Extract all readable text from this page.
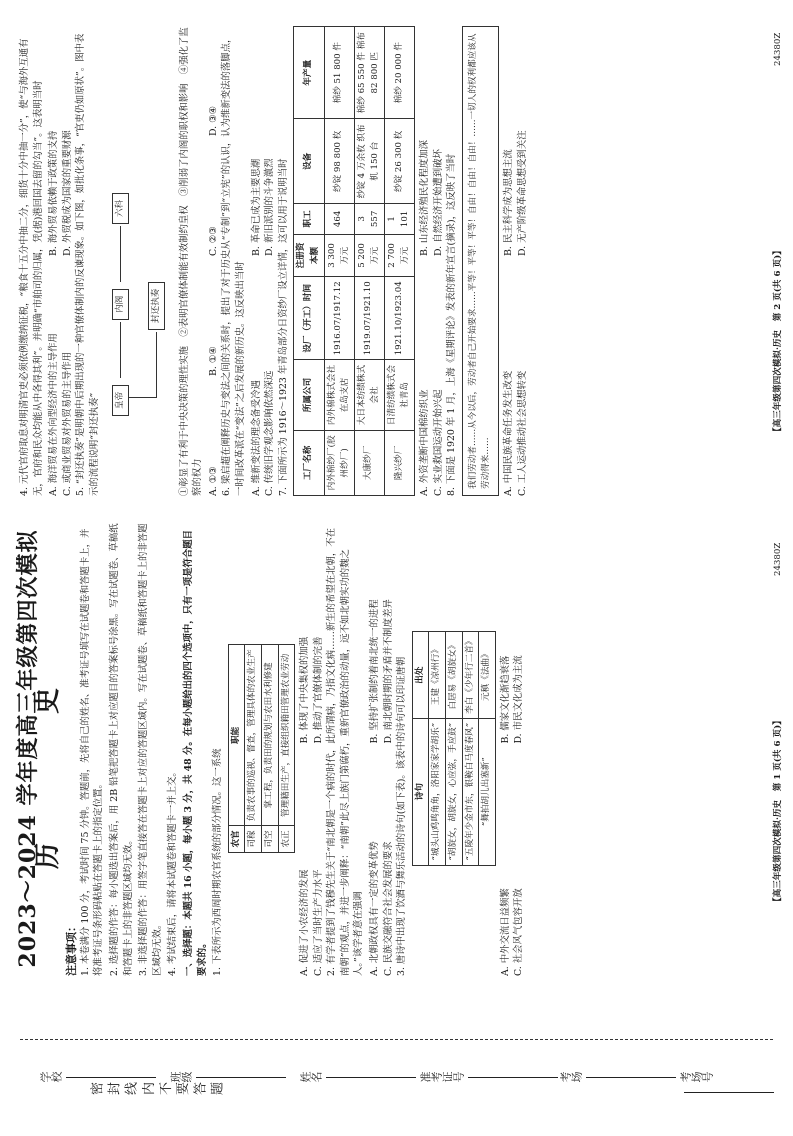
密 封 线 内 不 要 答 题
考场号
考场
准考证号
姓名
班级
学校
2023～2024 学年度高三年级第四次模拟
历 史
注意事项： 1. 本卷满分 100 分，考试时间 75 分钟。答题前，先将自己的姓名、准考证号填写在试题卷和答题卡上，并将准考证号条形码粘贴在答题卡上的指定位置。 2. 选择题的作答：每小题选出答案后，用 2B 铅笔把答题卡上对应题目的答案标号涂黑。写在试题卷、草稿纸和答题卡上的非答题区域均无效。 3. 非选择题的作答：用签字笔直接答在答题卡上对应的答题区域内。写在试题卷、草稿纸和答题卡上的非答题区域均无效。 4. 考试结束后，请将本试题卷和答题卡一并上交。 一、选择题：本题共 16 小题，每小题 3 分，共 48 分。在每小题给出的四个选项中，只有一项是符合题目要求的。 1. 下表所示为西周时期农官系统的部分情况。这一系统 农官	职能
司稼	负责农事的巡视、督查，管理具体的农业生产
司空	掌工程，负责田的规划与农田水利修建
农正	管理籍田生产，直接组织籍田管理农业劳动
A. 促进了小农经济的发展
B. 体现了中央集权的加强
C. 适应了当时生产力水平
D. 推动了官僚体制的完善 2. 有学者提到了钱穆先生关于“南北朝是一个病的时代，此所谓病，乃指文化病……新生的希望在北朝，不在南朝”的观点，并进一步阐释：“南朝”此尽上族门第腐朽，重新官僚政治的动量，远不如北朝实功的魏之人。”该学者意在强调 A. 北朝政权具有一定的变革优势
B. 坚持扩张制约着南北统一的进程
C. 民族交融符合社会发展的要求
D. 南北朝时期的矛盾并不制度差异 3. 唐诗中出现了饮酒与舞乐活动的诗句(如下表)。该表中的诗句可以印证唐朝 诗句	出处
“城头山鸡鸣角角，洛阳家家学胡乐”	王建《凉州行》
“胡旋女，胡旋女，心应弦，手应鼓”	白居易《胡旋女》
“五陵年少金市东，银鞍白马度春风”	李白《少年行二首》
“舞拍胡儿出塞新”	元稹《法曲》
A. 中外交流日益频繁
B. 儒家文化渐趋衰落
C. 社会风气包容开放
D. 市民文化成为主流
【高三年级第四次模拟·历史　第 1 页(共 6 页)】
24380Z

4. 元代官府取息对明清官吏必须依例缴纳征税，“粮食十五分中抽二分，细货十分中抽一分”，使“与海外互通有无，官府和民众均能从中各得其利”。并明确“市舶司的归属，凭(据)港回国去留的勾当”。这表明当时 A. 海洋贸易在外向型经济中的主导作用
B. 海外贸易依赖于政策的支持
C. 或商业贸易对外贸易的主导作用
D. 外贸税成为国家的重要财源 5. “封还执奏”是明朝中后期出现的一种官僚体制内的反谏现象。如下图，如批化条事，“官吏仍如原状”。图中表示的流程说明“封还执奏”	皇帝
内阁
六科
封还执奏	①彰显了有利于中央决策的理性实施　②表明官僚体制能有效制约皇权　③削弱了内阁的职权和影响　④强化了监察的权力 A. ①③
B. ①④
C. ②③
D. ③④ 6. 梁启超在阐释历史与变法之间的关系时，提出了对于历史从“专制”到“立宪”的认识，认为维新变法的落脚点，一时间改革派在“变法”之后发展的新历史。这反映出当时 A. 维新变法的理念备受冷遇
B. 革命已成为主要思潮
C. 传统旧学观念影响依然深远
D. 新旧派别的斗争激烈 7. 下面所示为 1916～1923 年青岛部分日资纱厂设立详情，这可以用于说明当时 工厂名称	所属公司	设厂（开工）时间	注册资本额	职工	设备	年产量
内外棉纱厂(胶州纱厂)	内外棉株式会社在岛支店	1916.07/1917.12	3 300 万元	464	纱锭 98 800 枚	棉纱 51 800 件
大康纱厂	大日本纺绩株式会社	1919.07/1921.10	5 200 万元	3 557	纱锭 4 万余枚 织布机 150 台	棉纱 65 550 件 棉布 82 800 匹
隆兴纱厂	日清纺绩株式会社青岛	1921.10/1923.04	2 700 万元	1 101	纱锭 26 300 枚	棉纱 20 000 件
A. 外资垄断中国棉纺织业
B. 山东经济殖民化程度加深
C. 实业救国运动开始兴起
D. 自然经济开始遭到破坏 8. 下面是 1920 年 1 月，上海《星期评论》发表的新年宣言(摘录)，这反映了当时	我们劳动者……从今以后，劳动者自己开始要求……平等！平等！平等！自由！自由！自由！……一切人的权利都应该从劳动得来……	A. 中国民族革命任务发生改变
B. 民主科学成为思想主流
C. 工人运动推动社会思想转变
D. 无产阶级革命思想受到关注
【高三年级第四次模拟·历史　第 2 页(共 6 页)】
24380Z
